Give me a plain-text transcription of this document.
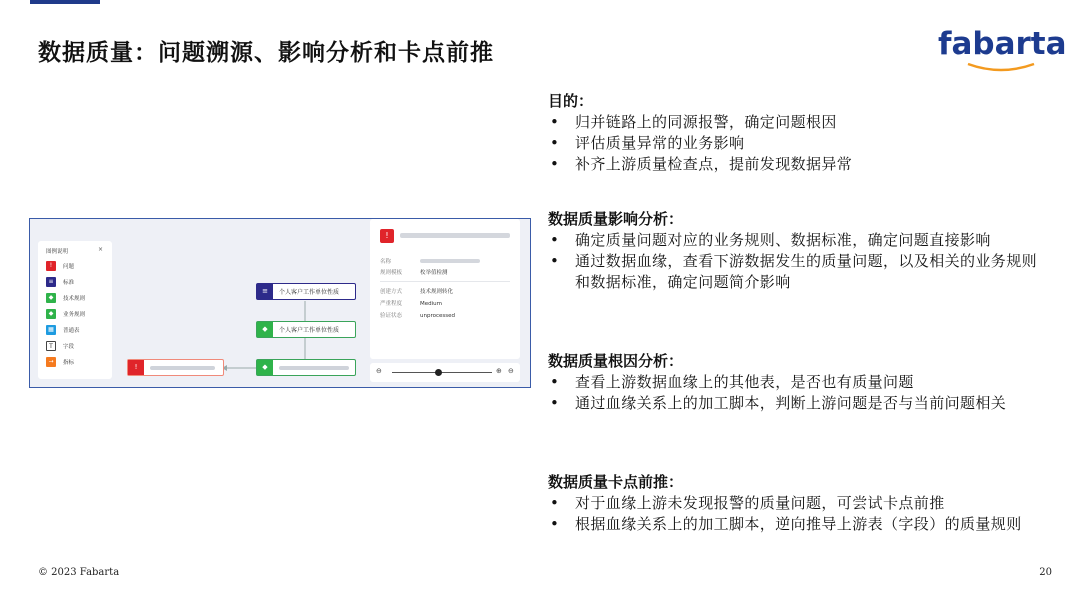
数据质量：问题溯源、影响分析和卡点前推	fabarta
图例说明	×
!	问题
≡	标准
◆	技术规则
◆	业务规则
▦	普通表
T	字段
→	指标
≡	个人客户工作单位性质
◆	个人客户工作单位性质
◆
!
!
名称
规则模板	枚举值检测
创建方式	技术规则转化
严重程度	Medium
验证状态	unprocessed
⊖	⊕ ⊖
目的：
• 归并链路上的同源报警，确定问题根因
• 评估质量异常的业务影响
• 补齐上游质量检查点，提前发现数据异常
数据质量影响分析：
• 确定质量问题对应的业务规则、数据标准，确定问题直接影响
• 通过数据血缘，查看下游数据发生的质量问题，以及相关的业务规则和数据标准，确定问题简介影响
数据质量根因分析：
• 查看上游数据血缘上的其他表，是否也有质量问题
• 通过血缘关系上的加工脚本，判断上游问题是否与当前问题相关
数据质量卡点前推：
• 对于血缘上游未发现报警的质量问题，可尝试卡点前推
• 根据血缘关系上的加工脚本，逆向推导上游表（字段）的质量规则
© 2023 Fabarta	20
